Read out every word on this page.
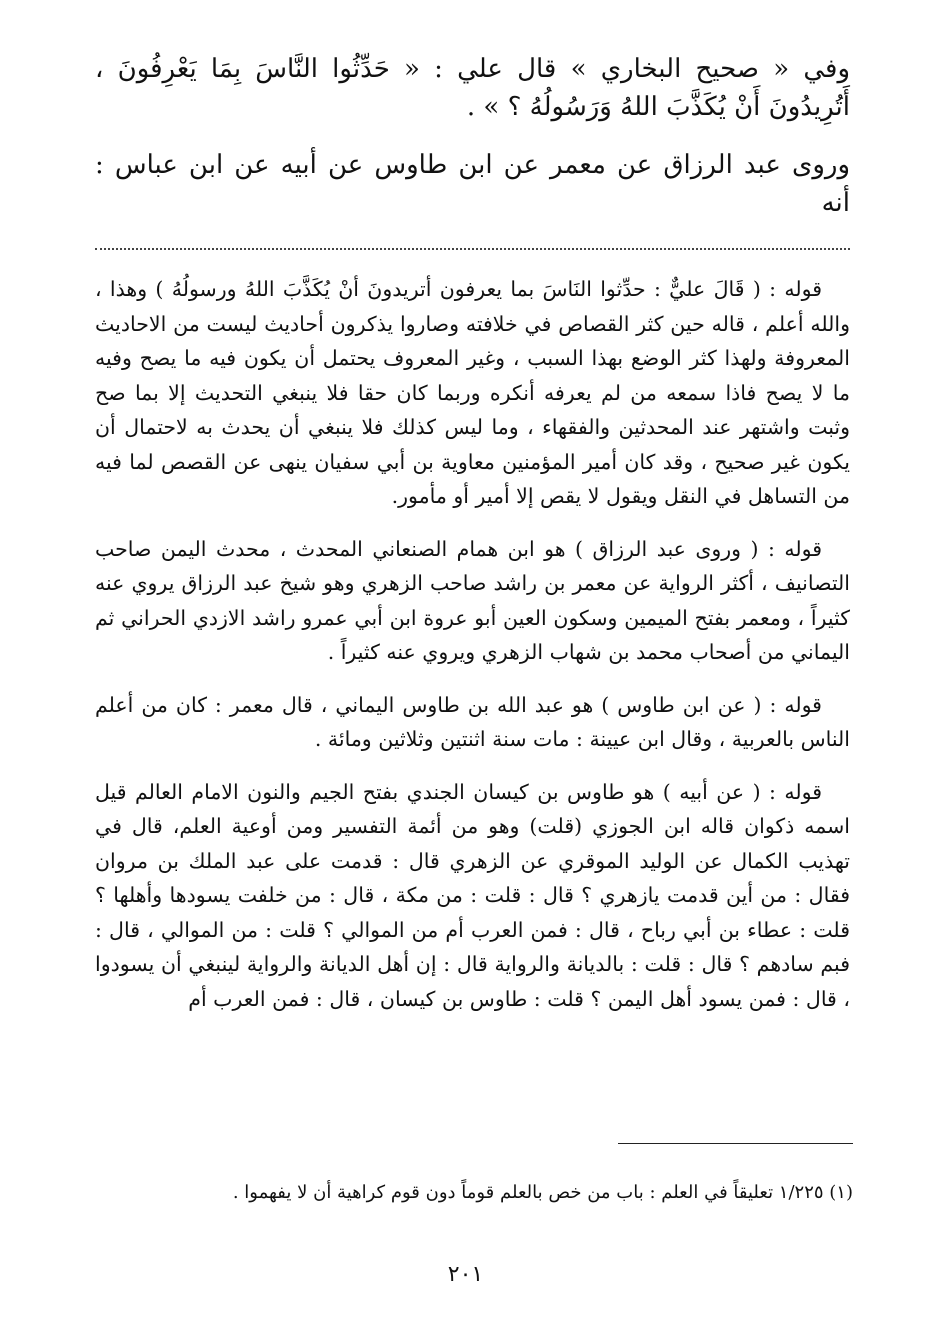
وفي « صحيح البخاري » قال علي : « حَدِّثُوا النَّاسَ بِمَا يَعْرِفُونَ ، أَتُرِيدُونَ أَنْ يُكَذَّبَ اللهُ وَرَسُولُهُ ؟ » .

وروى عبد الرزاق عن معمر عن ابن طاوس عن أبيه عن ابن عباس : أنه

قوله : ( قَالَ عليٌّ : حدِّثوا النَاسَ بما يعرفون أتريدونَ أنْ يُكَذَّبَ اللهُ ورسولُهُ ) وهذا ، والله أعلم ، قاله حين كثر القصاص في خلافته وصاروا يذكرون أحاديث ليست من الاحاديث المعروفة ولهذا كثر الوضع بهذا السبب ، وغير المعروف يحتمل أن يكون فيه ما يصح وفيه ما لا يصح فاذا سمعه من لم يعرفه أنكره وربما كان حقا فلا ينبغي التحديث إلا بما صح وثبت واشتهر عند المحدثين والفقهاء ، وما ليس كذلك فلا ينبغي أن يحدث به لاحتمال أن يكون غير صحيح ، وقد كان أمير المؤمنين معاوية بن أبي سفيان ينهى عن القصص لما فيه من التساهل في النقل ويقول لا يقص إلا أمير أو مأمور.

قوله : ( وروى عبد الرزاق ) هو ابن همام الصنعاني المحدث ، محدث اليمن صاحب التصانيف ، أكثر الرواية عن معمر بن راشد صاحب الزهري وهو شيخ عبد الرزاق يروي عنه كثيراً ، ومعمر بفتح الميمين وسكون العين أبو عروة ابن أبي عمرو راشد الازدي الحراني ثم اليماني من أصحاب محمد بن شهاب الزهري ويروي عنه كثيراً .

قوله : ( عن ابن طاوس ) هو عبد الله بن طاوس اليماني ، قال معمر : كان من أعلم الناس بالعربية ، وقال ابن عيينة : مات سنة اثنتين وثلاثين ومائة .

قوله : ( عن أبيه ) هو طاوس بن كيسان الجندي بفتح الجيم والنون الامام العالم قيل اسمه ذكوان قاله ابن الجوزي (قلت) وهو من أئمة التفسير ومن أوعية العلم، قال في تهذيب الكمال عن الوليد الموقري عن الزهري قال : قدمت على عبد الملك بن مروان فقال : من أين قدمت يازهري ؟ قال : قلت : من مكة ، قال : من خلفت يسودها وأهلها ؟ قلت : عطاء بن أبي رباح ، قال : فمن العرب أم من الموالي ؟ قلت : من الموالي ، قال : فبم سادهم ؟ قال : قلت : بالديانة والرواية قال : إن أهل الديانة والرواية لينبغي أن يسودوا ، قال : فمن يسود أهل اليمن ؟ قلت : طاوس بن كيسان ، قال : فمن العرب أم

(١) ١/٢٢٥ تعليقاً في العلم : باب من خص بالعلم قوماً دون قوم كراهية أن لا يفهموا .

٢٠١
